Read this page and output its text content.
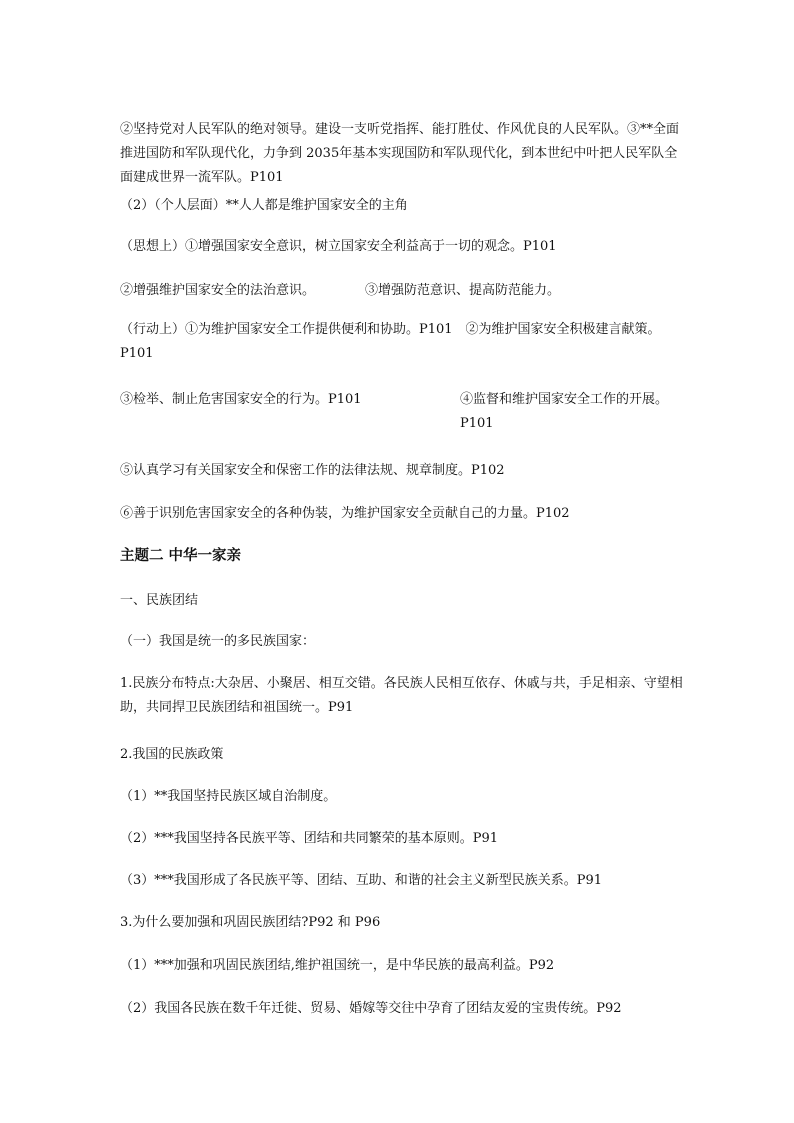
②坚持党对人民军队的绝对领导。建设一支听党指挥、能打胜仗、作风优良的人民军队。③**全面推进国防和军队现代化，力争到 2035年基本实现国防和军队现代化，到本世纪中叶把人民军队全面建成世界一流军队。P101
（2）（个人层面）**人人都是维护国家安全的主角
（思想上）①增强国家安全意识，树立国家安全利益高于一切的观念。P101
②增强维护国家安全的法治意识。	③增强防范意识、提高防范能力。
（行动上）①为维护国家安全工作提供便利和协助。P101　②为维护国家安全积极建言献策。P101
③检举、制止危害国家安全的行为。P101	④监督和维护国家安全工作的开展。P101
⑤认真学习有关国家安全和保密工作的法律法规、规章制度。P102
⑥善于识别危害国家安全的各种伪装，为维护国家安全贡献自己的力量。P102
主题二 中华一家亲
一、民族团结
（一）我国是统一的多民族国家：
1.民族分布特点:大杂居、小聚居、相互交错。各民族人民相互依存、休戚与共，手足相亲、守望相助，共同捍卫民族团结和祖国统一。P91
2.我国的民族政策
（1）**我国坚持民族区域自治制度。
（2）***我国坚持各民族平等、团结和共同繁荣的基本原则。P91
（3）***我国形成了各民族平等、团结、互助、和谐的社会主义新型民族关系。P91
3.为什么要加强和巩固民族团结?P92 和 P96
（1）***加强和巩固民族团结,维护祖国统一，是中华民族的最高利益。P92
（2）我国各民族在数千年迁徙、贸易、婚嫁等交往中孕育了团结友爱的宝贵传统。P92
